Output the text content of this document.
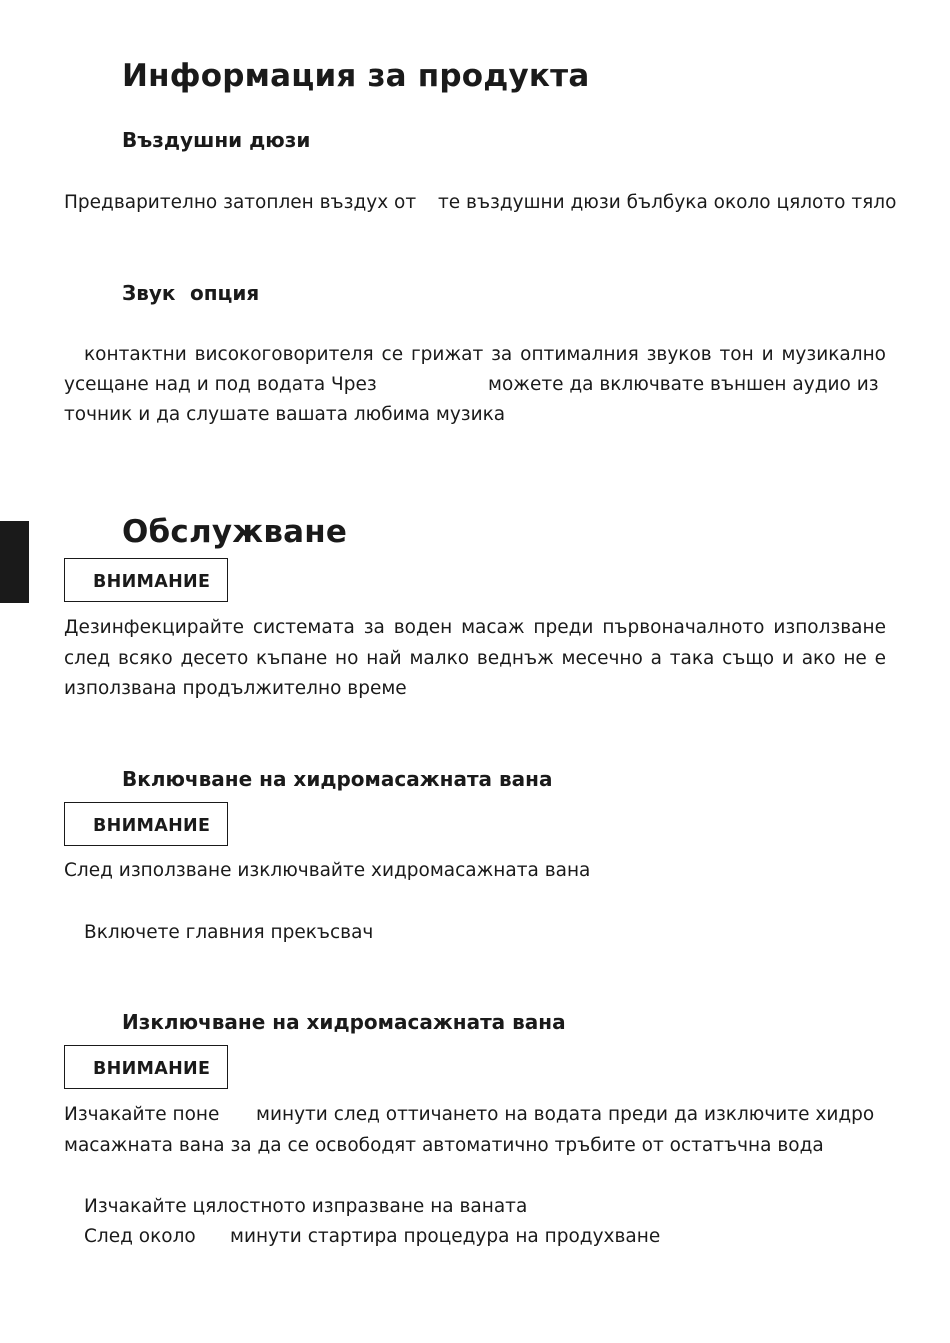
Информация за продукта
Въздушни дюзи
Предварително затоплен въздух от те въздушни дюзи бълбука около цялото тяло
Звук опция
контактни високоговорителя се грижат за оптималния звуков тон и музикално
усещане над и под водата Чрез	можете да включвате външен аудио из
точник и да слушате вашата любима музика
Обслужване
ВНИМАНИЕ
Дезинфекцирайте системата за воден масаж преди първоначалното използване
след всяко десето къпане но най малко веднъж месечно а така също и ако не е
използвана продължително време
Включване на хидромасажната вана
ВНИМАНИЕ
След използване изключвайте хидромасажната вана
Включете главния прекъсвач
Изключване на хидромасажната вана
ВНИМАНИЕ
Изчакайте поне минути след оттичането на водата преди да изключите хидро
масажната вана за да се освободят автоматично тръбите от остатъчна вода
Изчакайте цялостното изпразване на ваната
След около минути стартира процедура на продухване
